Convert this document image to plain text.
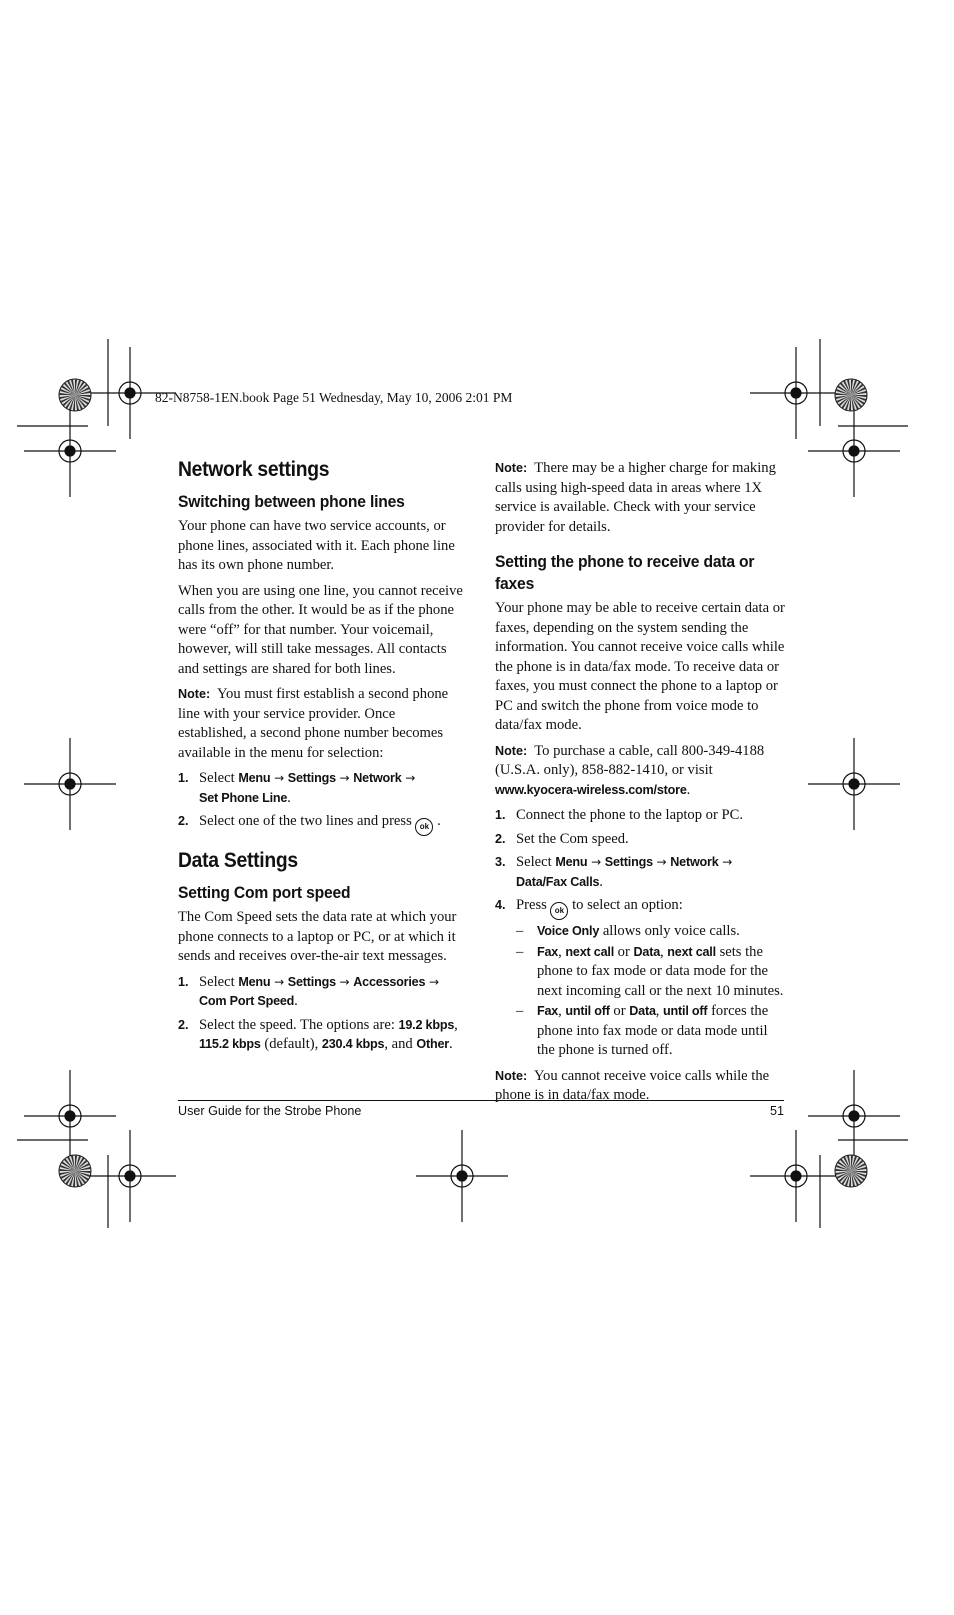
82-N8758-1EN.book Page 51 Wednesday, May 10, 2006 2:01 PM
Network settings
Switching between phone lines

Your phone can have two service accounts, or phone lines, associated with it. Each phone line has its own phone number.

When you are using one line, you cannot receive calls from the other. It would be as if the phone were “off” for that number. Your voicemail, however, will still take messages. All contacts and settings are shared for both lines.

Note: You must first establish a second phone line with your service provider. Once established, a second phone number becomes available in the menu for selection:

1. Select Menu → Settings → Network →
Set Phone Line.
2. Select one of the two lines and press ok .
Data Settings
Setting Com port speed

The Com Speed sets the data rate at which your phone connects to a laptop or PC, or at which it sends and receives over-the-air text messages.

1. Select Menu → Settings → Accessories →
Com Port Speed.
2. Select the speed. The options are: 19.2 kbps, 115.2 kbps (default), 230.4 kbps, and Other.

Note: There may be a higher charge for making calls using high-speed data in areas where 1X service is available. Check with your service provider for details.

Setting the phone to receive data or faxes

Your phone may be able to receive certain data or faxes, depending on the system sending the information. You cannot receive voice calls while the phone is in data/fax mode. To receive data or faxes, you must connect the phone to a laptop or PC and switch the phone from voice mode to data/fax mode.

Note: To purchase a cable, call 800-349-4188 (U.S.A. only), 858-882-1410, or visit www.kyocera-wireless.com/store.

1. Connect the phone to the laptop or PC.
2. Set the Com speed.
3. Select Menu → Settings → Network →
Data/Fax Calls.
4. Press ok to select an option:
– Voice Only allows only voice calls.
– Fax, next call or Data, next call sets the phone to fax mode or data mode for the next incoming call or the next 10 minutes.
– Fax, until off or Data, until off forces the phone into fax mode or data mode until the phone is turned off.

Note: You cannot receive voice calls while the phone is in data/fax mode.

User Guide for the Strobe Phone	51
